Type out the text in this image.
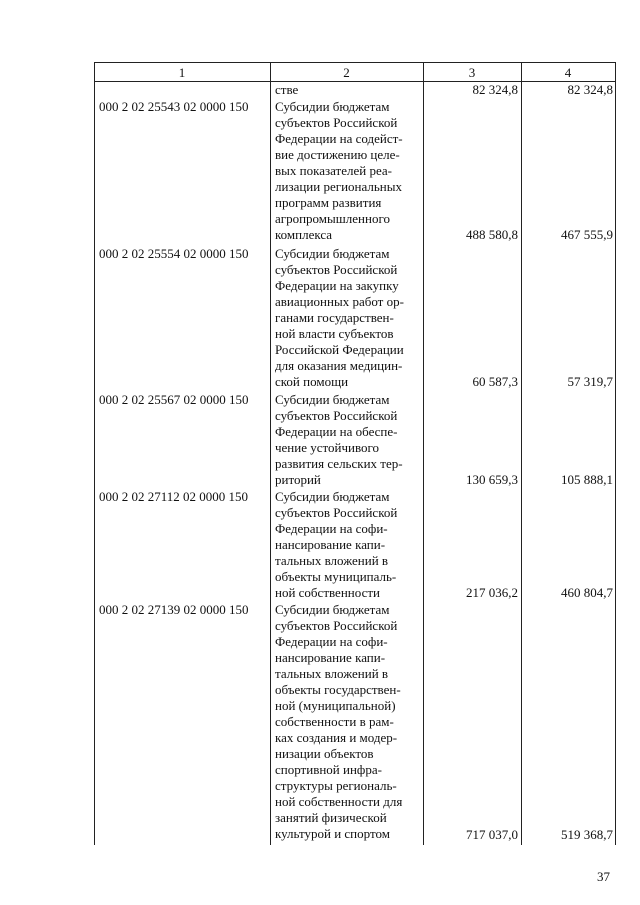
1	2	3	4
стве	82 324,8	82 324,8
000 2 02 25543 02 0000 150	Субсидии бюджетам
субъектов Российской
Федерации на содейст-
вие достижению целе-
вых показателей реа-
лизации региональных
программ развития
агропромышленного
комплекса	488 580,8	467 555,9
000 2 02 25554 02 0000 150	Субсидии бюджетам
субъектов Российской
Федерации на закупку
авиационных работ ор-
ганами государствен-
ной власти субъектов
Российской Федерации
для оказания медицин-
ской помощи	60 587,3	57 319,7
000 2 02 25567 02 0000 150	Субсидии бюджетам
субъектов Российской
Федерации на обеспе-
чение устойчивого
развития сельских тер-
риторий	130 659,3	105 888,1
000 2 02 27112 02 0000 150	Субсидии бюджетам
субъектов Российской
Федерации на софи-
нансирование капи-
тальных вложений в
объекты муниципаль-
ной собственности	217 036,2	460 804,7
000 2 02 27139 02 0000 150	Субсидии бюджетам
субъектов Российской
Федерации на софи-
нансирование капи-
тальных вложений в
объекты государствен-
ной (муниципальной)
собственности в рам-
ках создания и модер-
низации объектов
спортивной инфра-
структуры региональ-
ной собственности для
занятий физической
культурой и спортом	717 037,0	519 368,7
37
